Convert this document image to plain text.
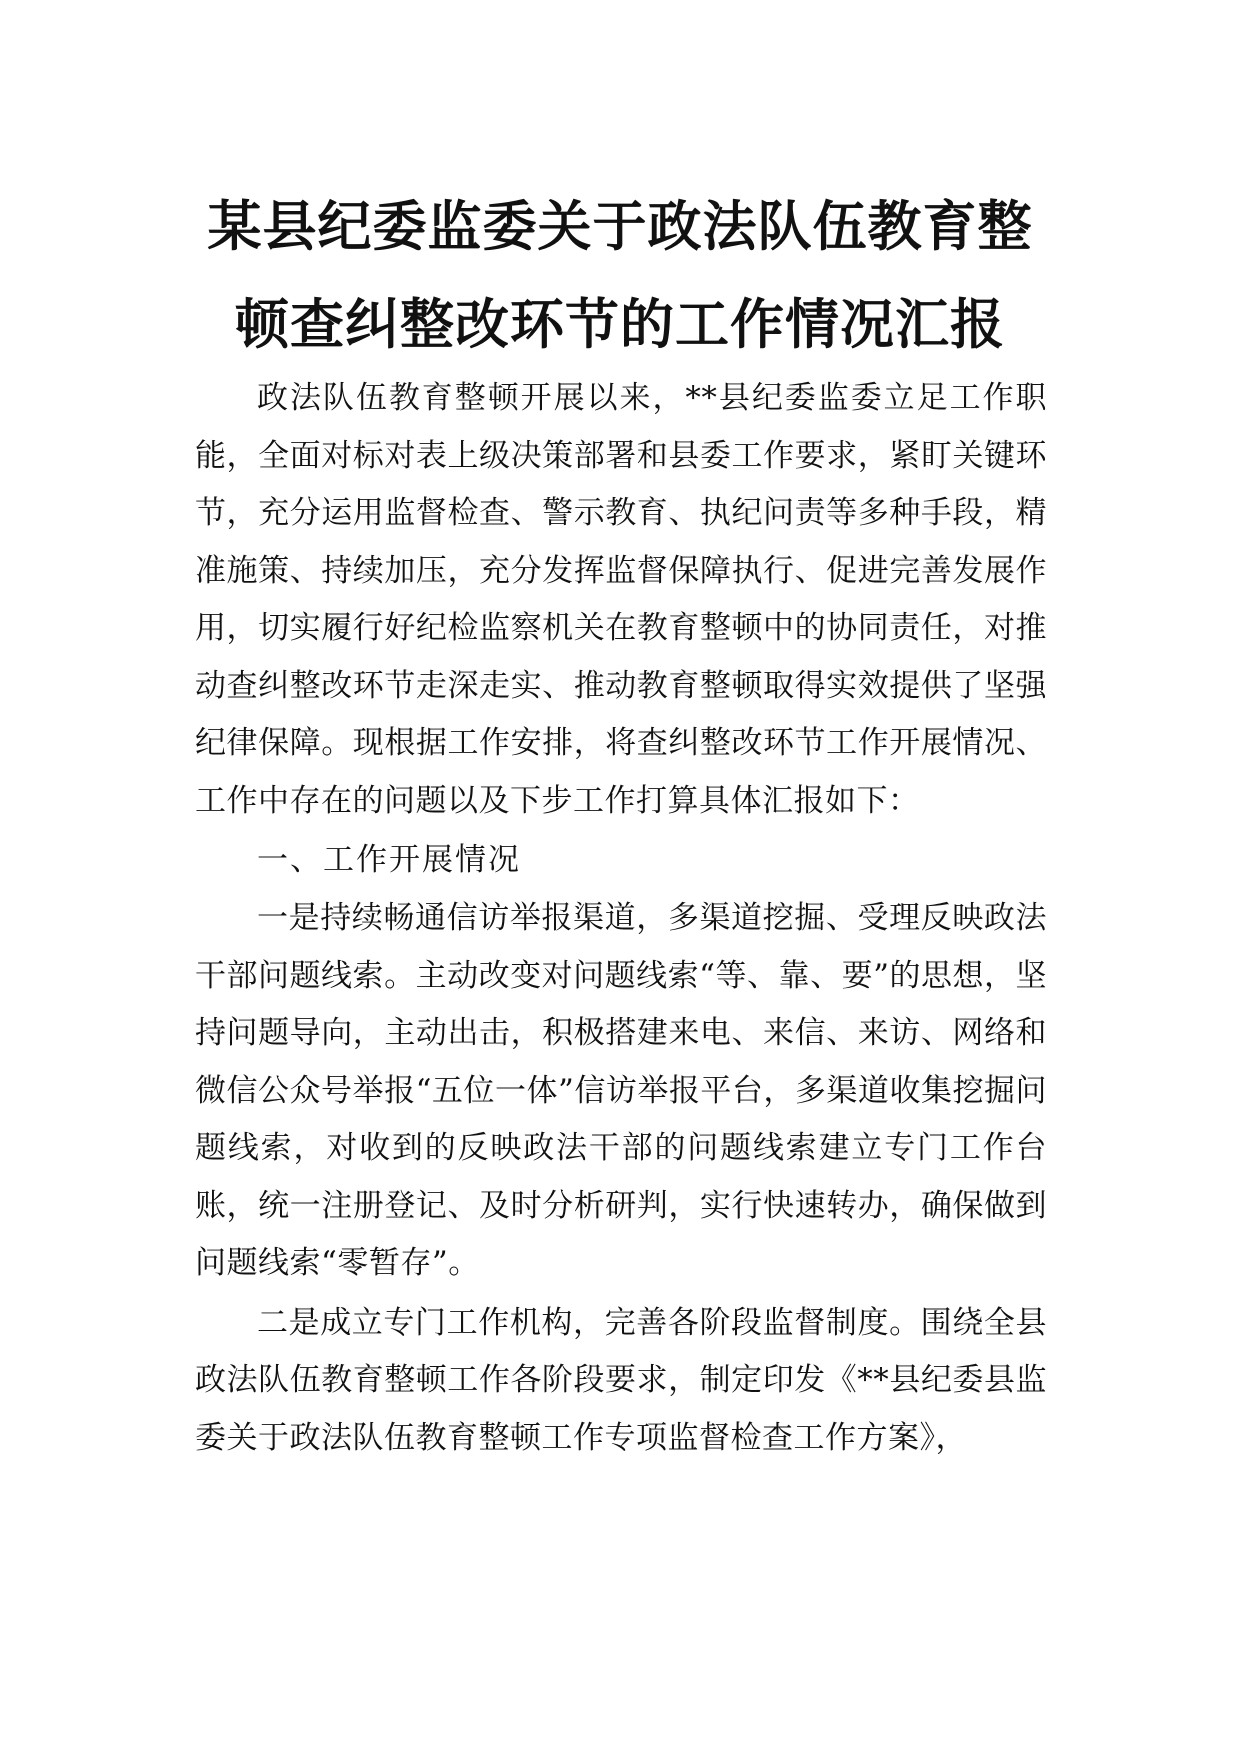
某县纪委监委关于政法队伍教育整
顿查纠整改环节的工作情况汇报

政法队伍教育整顿开展以来，**县纪委监委立足工作职能，全面对标对表上级决策部署和县委工作要求，紧盯关键环节，充分运用监督检查、警示教育、执纪问责等多种手段，精准施策、持续加压，充分发挥监督保障执行、促进完善发展作用，切实履行好纪检监察机关在教育整顿中的协同责任，对推动查纠整改环节走深走实、推动教育整顿取得实效提供了坚强纪律保障。现根据工作安排，将查纠整改环节工作开展情况、工作中存在的问题以及下步工作打算具体汇报如下：

一、工作开展情况

一是持续畅通信访举报渠道，多渠道挖掘、受理反映政法干部问题线索。主动改变对问题线索“等、靠、要”的思想，坚持问题导向，主动出击，积极搭建来电、来信、来访、网络和微信公众号举报“五位一体”信访举报平台，多渠道收集挖掘问题线索，对收到的反映政法干部的问题线索建立专门工作台账，统一注册登记、及时分析研判，实行快速转办，确保做到问题线索“零暂存”。

二是成立专门工作机构，完善各阶段监督制度。围绕全县政法队伍教育整顿工作各阶段要求，制定印发《**县纪委县监委关于政法队伍教育整顿工作专项监督检查工作方案》，
